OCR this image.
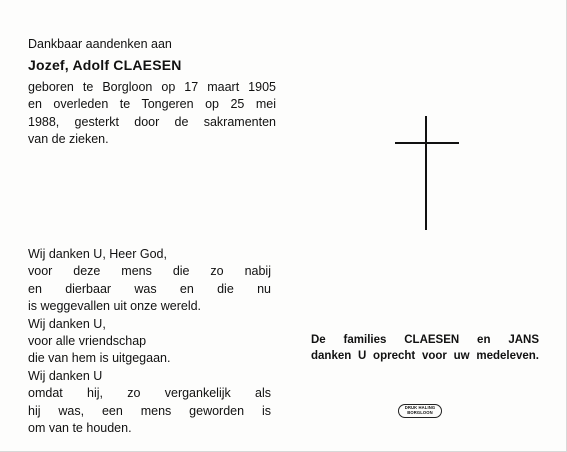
Dankbaar aandenken aan
Jozef, Adolf CLAESEN
geboren te Borgloon op 17 maart 1905
en overleden te Tongeren op 25 mei
1988, gesterkt door de sakramenten
van de zieken.
Wij danken U, Heer God,
voor deze mens die zo nabij
en dierbaar was en die nu
is weggevallen uit onze wereld.
Wij danken U,
voor alle vriendschap
die van hem is uitgegaan.
Wij danken U
omdat hij, zo vergankelijk als
hij was, een mens geworden is
om van te houden.
De families CLAESEN en JANS
danken U oprecht voor uw medeleven.
DRUK HALING
BORGLOON
